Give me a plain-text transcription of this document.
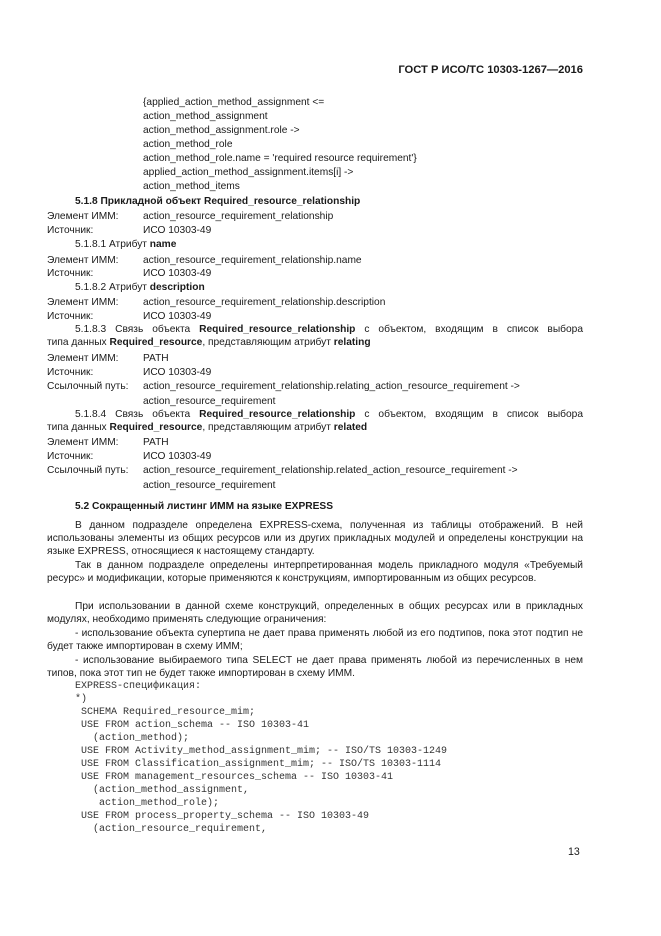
ГОСТ Р ИСО/ТС 10303-1267—2016
{applied_action_method_assignment <=
action_method_assignment
action_method_assignment.role ->
action_method_role
action_method_role.name = 'required resource requirement'}
applied_action_method_assignment.items[i] ->
action_method_items
5.1.8 Прикладной объект Required_resource_relationship
Элемент ИММ: action_resource_requirement_relationship
Источник:	ИСО 10303-49
5.1.8.1 Атрибут name
Элемент ИММ: action_resource_requirement_relationship.name
Источник:	ИСО 10303-49
5.1.8.2 Атрибут description
Элемент ИММ: action_resource_requirement_relationship.description
Источник:	ИСО 10303-49
5.1.8.3 Связь объекта Required_resource_relationship с объектом, входящим в список выбора
типа данных Required_resource, представляющим атрибут relating
Элемент ИММ: PATH
Источник:	ИСО 10303-49
Ссылочный путь: action_resource_requirement_relationship.relating_action_resource_requirement ->
action_resource_requirement
5.1.8.4 Связь объекта Required_resource_relationship с объектом, входящим в список выбора
типа данных Required_resource, представляющим атрибут related
Элемент ИММ: PATH
Источник:	ИСО 10303-49
Ссылочный путь: action_resource_requirement_relationship.related_action_resource_requirement ->
action_resource_requirement
5.2 Сокращенный листинг ИММ на языке EXPRESS
В данном подразделе определена EXPRESS-схема, полученная из таблицы отображений. В ней использованы элементы из общих ресурсов или из других прикладных модулей и определены конструкции на языке EXPRESS, относящиеся к настоящему стандарту.
Так в данном подразделе определены интерпретированная модель прикладного модуля «Требуемый ресурс» и модификации, которые применяются к конструкциям, импортированным из общих ресурсов.
При использовании в данной схеме конструкций, определенных в общих ресурсах или в прикладных модулях, необходимо применять следующие ограничения:
- использование объекта супертипа не дает права применять любой из его подтипов, пока этот подтип не будет также импортирован в схему ИММ;
- использование выбираемого типа SELECT не дает права применять любой из перечисленных в нем типов, пока этот тип не будет также импортирован в схему ИММ.
EXPRESS-спецификация:
*)
SCHEMA Required_resource_mim;
USE FROM action_schema -- ISO 10303-41
(action_method);
USE FROM Activity_method_assignment_mim; -- ISO/TS 10303-1249
USE FROM Classification_assignment_mim; -- ISO/TS 10303-1114
USE FROM management_resources_schema -- ISO 10303-41
(action_method_assignment,
action_method_role);
USE FROM process_property_schema -- ISO 10303-49
(action_resource_requirement,
13
